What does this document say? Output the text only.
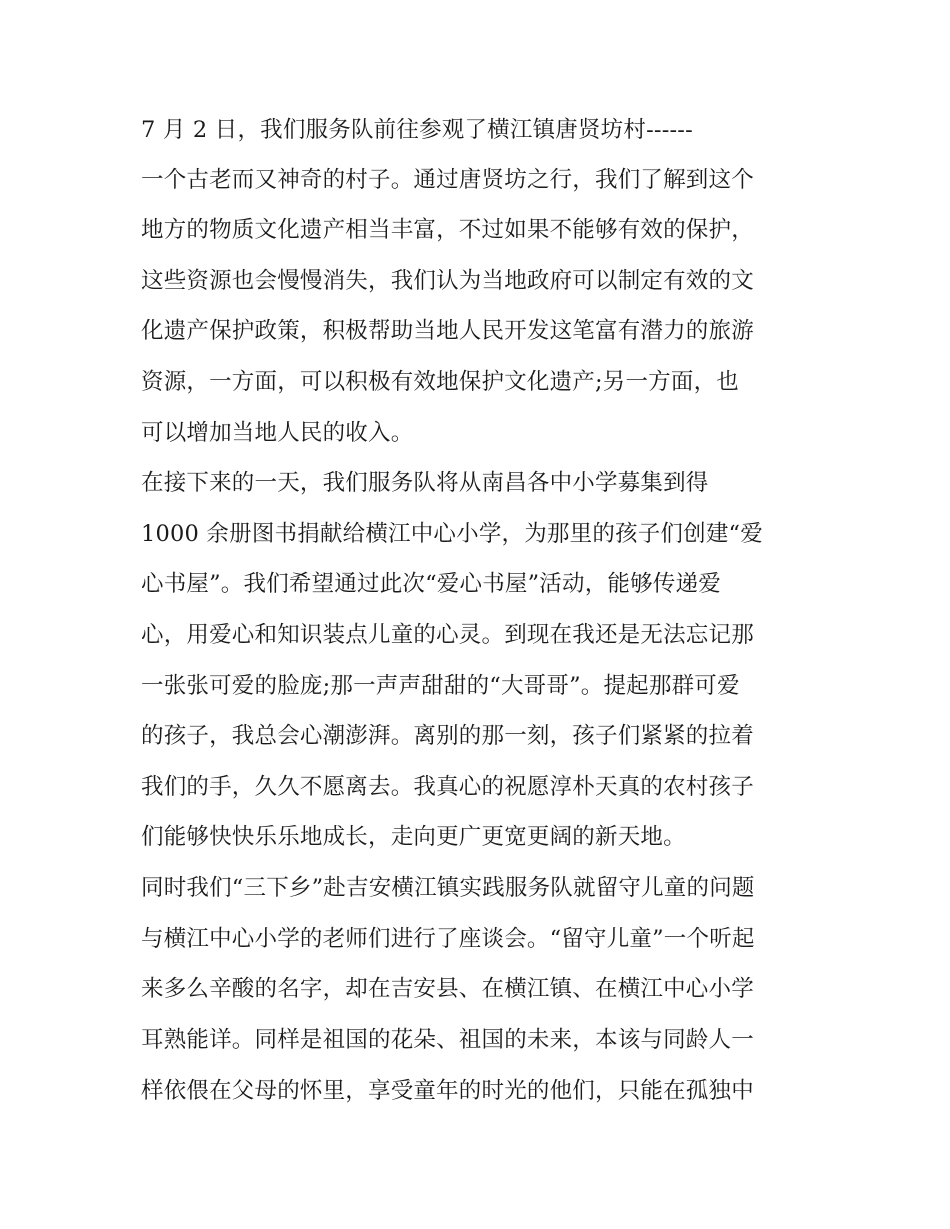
7 月 2 日，我们服务队前往参观了横江镇唐贤坊村------
一个古老而又神奇的村子。通过唐贤坊之行，我们了解到这个
地方的物质文化遗产相当丰富，不过如果不能够有效的保护，
这些资源也会慢慢消失，我们认为当地政府可以制定有效的文
化遗产保护政策，积极帮助当地人民开发这笔富有潜力的旅游
资源，一方面，可以积极有效地保护文化遗产;另一方面，也
可以增加当地人民的收入。
在接下来的一天，我们服务队将从南昌各中小学募集到得
1000 余册图书捐献给横江中心小学，为那里的孩子们创建“爱
心书屋”。我们希望通过此次“爱心书屋”活动，能够传递爱
心，用爱心和知识装点儿童的心灵。到现在我还是无法忘记那
一张张可爱的脸庞;那一声声甜甜的“大哥哥”。提起那群可爱
的孩子，我总会心潮澎湃。离别的那一刻，孩子们紧紧的拉着
我们的手，久久不愿离去。我真心的祝愿淳朴天真的农村孩子
们能够快快乐乐地成长，走向更广更宽更阔的新天地。
同时我们“三下乡”赴吉安横江镇实践服务队就留守儿童的问题
与横江中心小学的老师们进行了座谈会。“留守儿童”一个听起
来多么辛酸的名字，却在吉安县、在横江镇、在横江中心小学
耳熟能详。同样是祖国的花朵、祖国的未来，本该与同龄人一
样依偎在父母的怀里，享受童年的时光的他们，只能在孤独中
